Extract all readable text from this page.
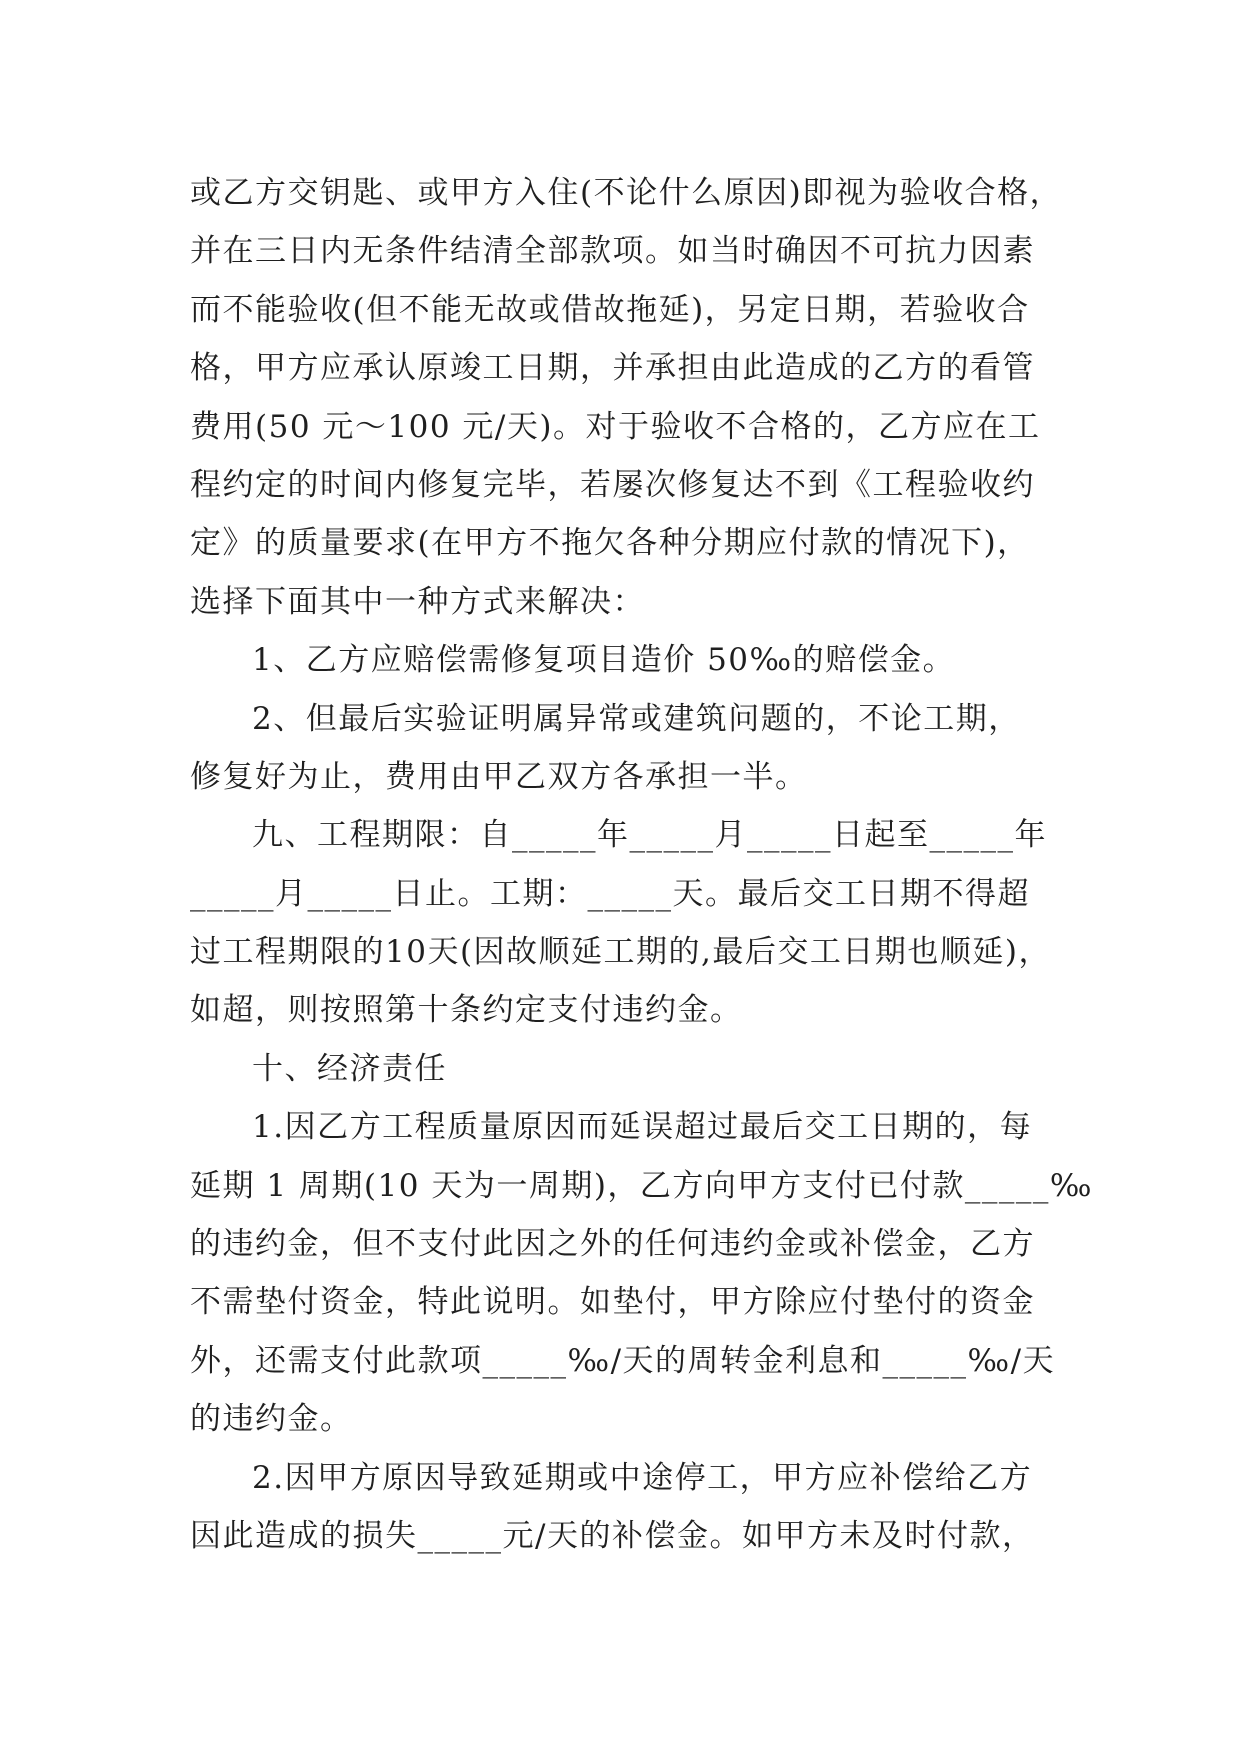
或乙方交钥匙、或甲方入住(不论什么原因)即视为验收合格，
并在三日内无条件结清全部款项。如当时确因不可抗力因素
而不能验收(但不能无故或借故拖延)，另定日期，若验收合
格，甲方应承认原竣工日期，并承担由此造成的乙方的看管
费用(50 元～100 元/天)。对于验收不合格的，乙方应在工
程约定的时间内修复完毕，若屡次修复达不到《工程验收约
定》的质量要求(在甲方不拖欠各种分期应付款的情况下)，
选择下面其中一种方式来解决：
1、乙方应赔偿需修复项目造价 50‰的赔偿金。
2、但最后实验证明属异常或建筑问题的，不论工期，
修复好为止，费用由甲乙双方各承担一半。
九、工程期限：自_____年_____月_____日起至_____年
_____月_____日止。工期：_____天。最后交工日期不得超
过工程期限的10天(因故顺延工期的,最后交工日期也顺延)，
如超，则按照第十条约定支付违约金。
十、经济责任
1.因乙方工程质量原因而延误超过最后交工日期的，每
延期 1 周期(10 天为一周期)，乙方向甲方支付已付款_____‰
的违约金，但不支付此因之外的任何违约金或补偿金，乙方
不需垫付资金，特此说明。如垫付，甲方除应付垫付的资金
外，还需支付此款项_____‰/天的周转金利息和_____‰/天
的违约金。
2.因甲方原因导致延期或中途停工，甲方应补偿给乙方
因此造成的损失_____元/天的补偿金。如甲方未及时付款，
